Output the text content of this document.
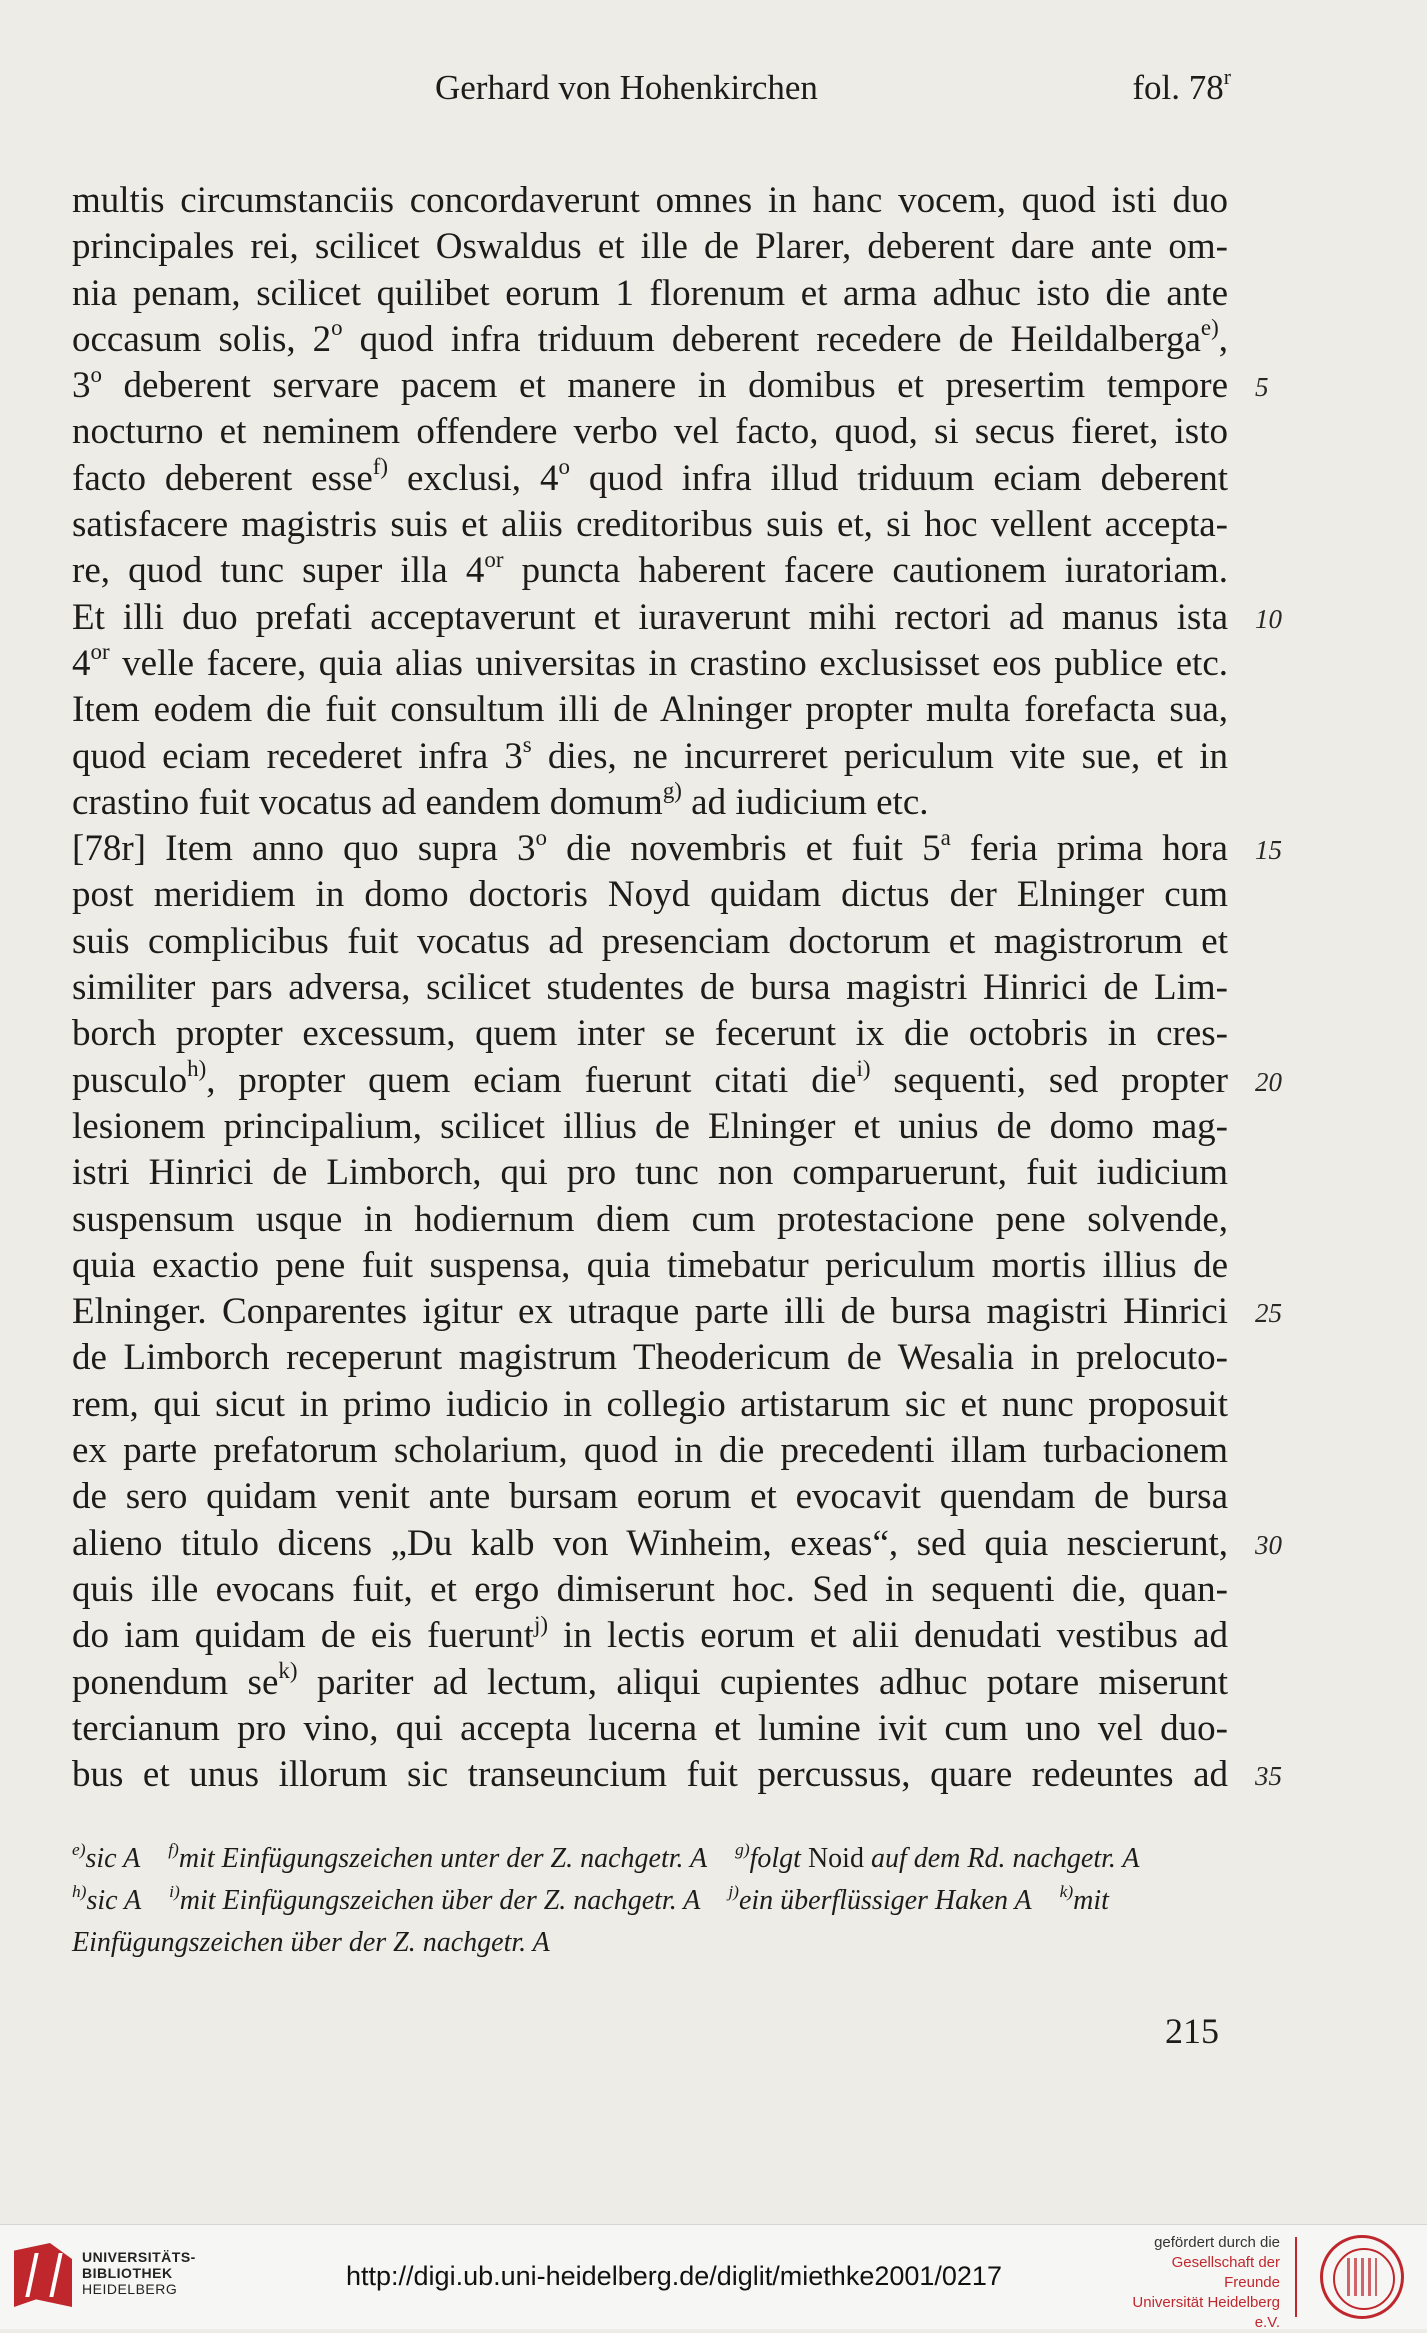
Gerhard von Hohenkirchen	fol. 78$^r$
multis circumstanciis concordaverunt omnes in hanc vocem, quod isti duo
principales rei, scilicet Oswaldus et ille de Plarer, deberent dare ante om-
nia penam, scilicet quilibet eorum 1 florenum et arma adhuc isto die ante
occasum solis, 2$^o$ quod infra triduum deberent recedere de Heildalberga$^{e)}$,
3$^o$ deberent servare pacem et manere in domibus et presertim tempore
nocturno et neminem offendere verbo vel facto, quod, si secus fieret, isto
facto deberent esse$^{f)}$ exclusi, 4$^o$ quod infra illud triduum eciam deberent
satisfacere magistris suis et aliis creditoribus suis et, si hoc vellent accepta-
re, quod tunc super illa $4^{or}$ puncta haberent facere cautionem iuratoriam.
Et illi duo prefati acceptaverunt et iuraverunt mihi rectori ad manus ista
$4^{or}$ velle facere, quia alias universitas in crastino exclusisset eos publice etc.
Item eodem die fuit consultum illi de Alninger propter multa forefacta sua,
quod eciam recederet infra 3$^s$ dies, ne incurreret periculum vite sue, et in
crastino fuit vocatus ad eandem domum$^{g)}$ ad iudicium etc.
[78r] Item anno quo supra 3$^o$ die novembris et fuit 5$^a$ feria prima hora
post meridiem in domo doctoris Noyd quidam dictus der Elninger cum
suis complicibus fuit vocatus ad presenciam doctorum et magistrorum et
similiter pars adversa, scilicet studentes de bursa magistri Hinrici de Lim-
borch propter excessum, quem inter se fecerunt ix die octobris in cres-
pusculo$^{h)}$, propter quem eciam fuerunt citati die$^{i)}$ sequenti, sed propter
lesionem principalium, scilicet illius de Elninger et unius de domo mag-
istri Hinrici de Limborch, qui pro tunc non comparuerunt, fuit iudicium
suspensum usque in hodiernum diem cum protestacione pene solvende,
quia exactio pene fuit suspensa, quia timebatur periculum mortis illius de
Elninger. Conparentes igitur ex utraque parte illi de bursa magistri Hinrici
de Limborch receperunt magistrum Theodericum de Wesalia in prelocuto-
rem, qui sicut in primo iudicio in collegio artistarum sic et nunc proposuit
ex parte prefatorum scholarium, quod in die precedenti illam turbacionem
de sero quidam venit ante bursam eorum et evocavit quendam de bursa
alieno titulo dicens „Du kalb von Winheim, exeas“, sed quia nescierunt,
quis ille evocans fuit, et ergo dimiserunt hoc. Sed in sequenti die, quan-
do iam quidam de eis fuerunt$^{j)}$ in lectis eorum et alii denudati vestibus ad
ponendum $se^{k)}$ pariter ad lectum, aliqui cupientes adhuc potare miserunt
tercianum pro vino, qui accepta lucerna et lumine ivit cum uno vel duo-
bus et unus illorum sic transeuncium fuit percussus, quare redeuntes ad
5
10
15
20
25
30
35
$^{e)}$sic A $^{f)}$mit Einfügungszeichen unter der Z. nachgetr. A $^{g)}$folgt Noid auf dem Rd. nachgetr. A
$^{h)}$sic A $^{i)}$mit Einfügungszeichen über der Z. nachgetr. A $^{j)}$ein überflüssiger Haken A $^{k)}$mit
Einfügungszeichen über der Z. nachgetr. A
215
UNIVERSITÄTS-
BIBLIOTHEK
HEIDELBERG	http://digi.ub.uni-heidelberg.de/diglit/miethke2001/0217
gefördert durch die
Gesellschaft der Freunde
Universität Heidelberg e.V.
